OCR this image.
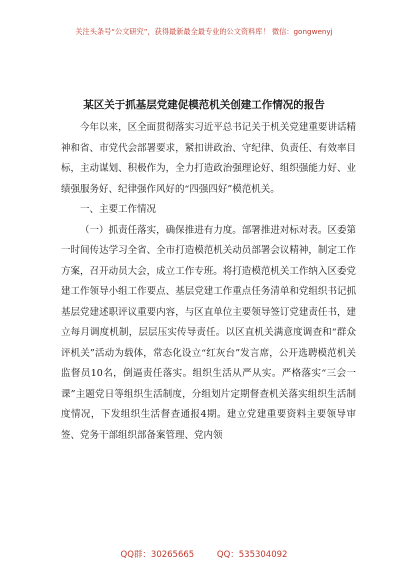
关注头条号“公文研究”，获得最新最全最专业的公文资料库！ 微信：gongwenyj
某区关于抓基层党建促模范机关创建工作情况的报告

今年以来，区全面贯彻落实习近平总书记关于机关党建重要讲话精神和省、市党代会部署要求，紧扣讲政治、守纪律、负责任、有效率目标，主动谋划、积极作为，全力打造政治强理论好、组织强能力好、业绩强服务好、纪律强作风好的“四强四好”模范机关。

一、主要工作情况

（一）抓责任落实，确保推进有力度。部署推进对标对表。区委第一时间传达学习全省、全市打造模范机关动员部署会议精神，制定工作方案，召开动员大会，成立工作专班。将打造模范机关工作纳入区委党建工作领导小组工作要点、基层党建工作重点任务清单和党组织书记抓基层党建述职评议重要内容，与区直单位主要领导签订党建责任书，建立每月调度机制，层层压实传导责任。以区直机关满意度调查和“群众评机关”活动为载体，常态化设立“红灰台”发言席，公开选聘模范机关监督员10名，倒逼责任落实。组织生活从严从实。严格落实“三会一课”主题党日等组织生活制度，分组划片定期督查机关落实组织生活制度情况，下发组织生活督查通报4期。建立党建重要资料主要领导审签、党务干部组织部备案管理、党内领

QQ群：30265665	QQ：535304092
